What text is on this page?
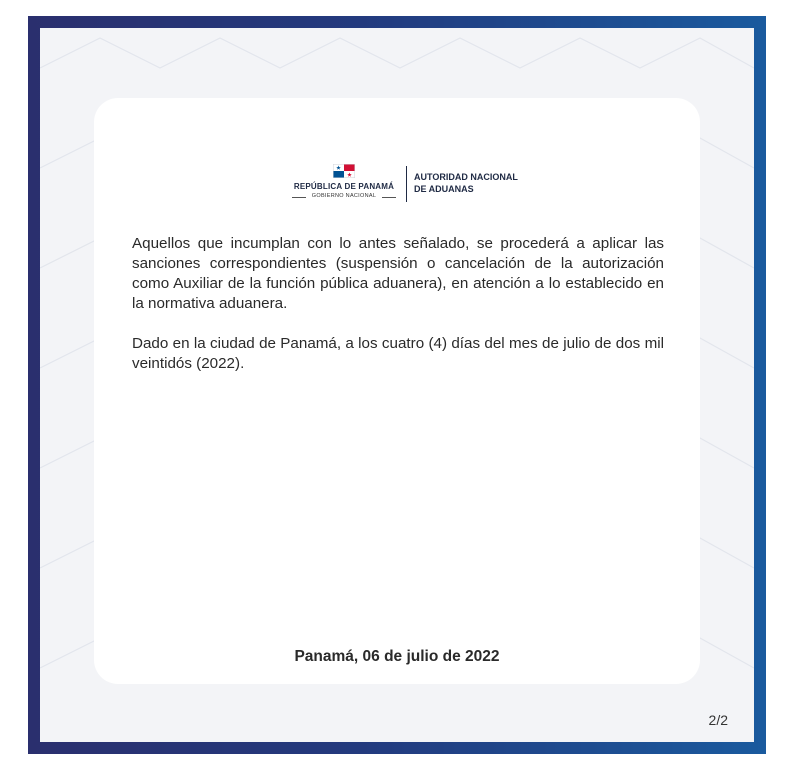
REPÚBLICA DE PANAMÁ
GOBIERNO NACIONAL
AUTORIDAD NACIONAL
DE ADUANAS

Aquellos que incumplan con lo antes señalado, se procederá a aplicar las sanciones correspondientes (suspensión o cancelación de la autorización como Auxiliar de la función pública aduanera), en atención a lo establecido en la normativa aduanera.

Dado en la ciudad de Panamá, a los cuatro (4) días del mes de julio de dos mil veintidós (2022).

Panamá, 06 de julio de 2022
2/2
